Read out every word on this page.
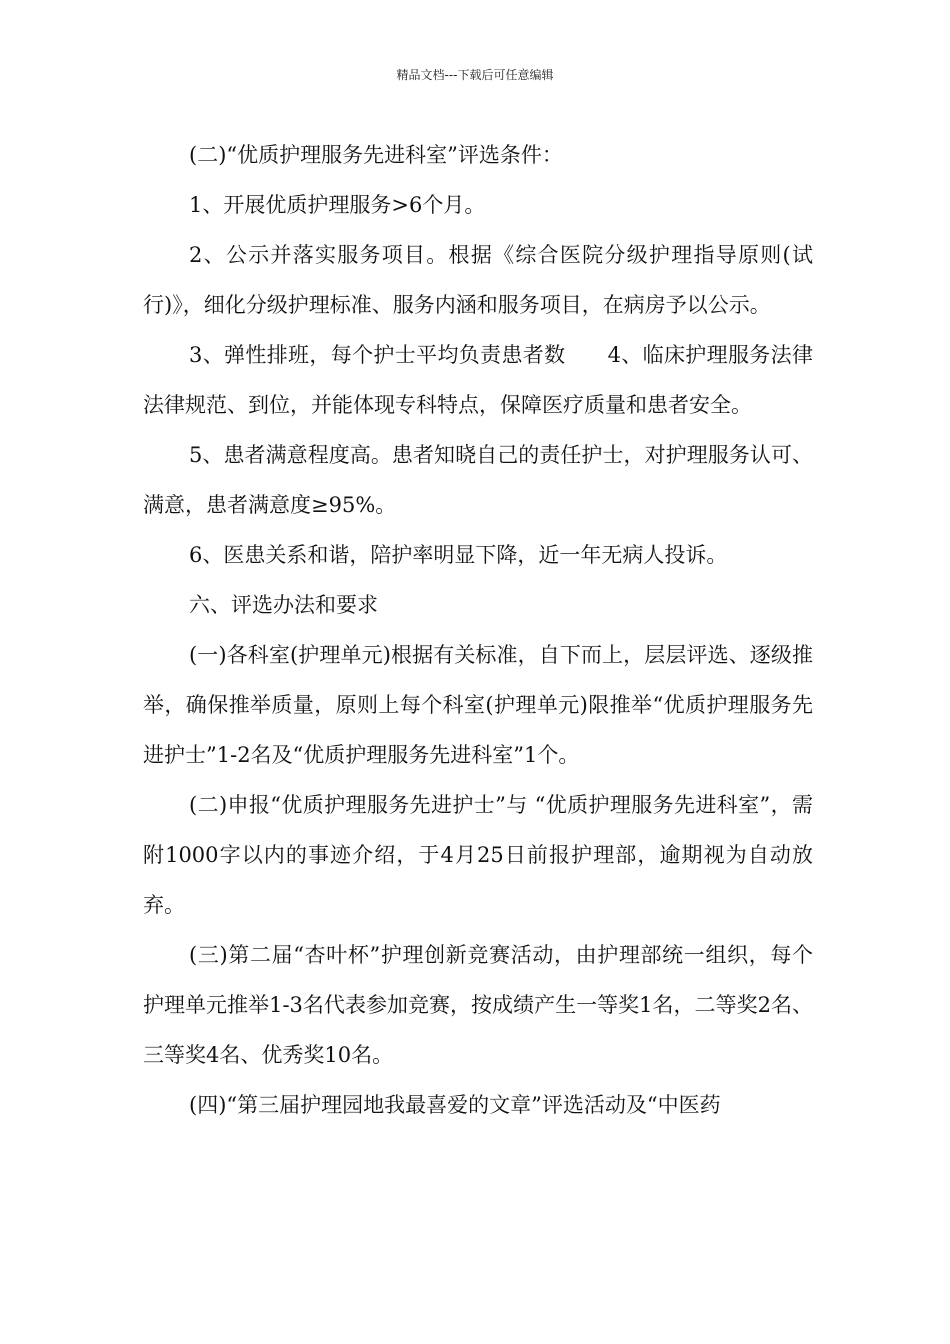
精品文档---下载后可任意编辑

(二)“优质护理服务先进科室”评选条件：

1、开展优质护理服务>6个月。

2、公示并落实服务项目。根据《综合医院分级护理指导原则(试行)》，细化分级护理标准、服务内涵和服务项目，在病房予以公示。

3、弹性排班，每个护士平均负责患者数      4、临床护理服务法律法律规范、到位，并能体现专科特点，保障医疗质量和患者安全。

5、患者满意程度高。患者知晓自己的责任护士，对护理服务认可、满意，患者满意度≥95%。

6、医患关系和谐，陪护率明显下降，近一年无病人投诉。

六、评选办法和要求

(一)各科室(护理单元)根据有关标准，自下而上，层层评选、逐级推举，确保推举质量，原则上每个科室(护理单元)限推举“优质护理服务先进护士”1-2名及“优质护理服务先进科室”1个。

(二)申报“优质护理服务先进护士”与 “优质护理服务先进科室”，需附1000字以内的事迹介绍，于4月25日前报护理部，逾期视为自动放弃。

(三)第二届“杏叶杯”护理创新竞赛活动，由护理部统一组织，每个护理单元推举1-3名代表参加竞赛，按成绩产生一等奖1名，二等奖2名、三等奖4名、优秀奖10名。

(四)“第三届护理园地我最喜爱的文章”评选活动及“中医药
